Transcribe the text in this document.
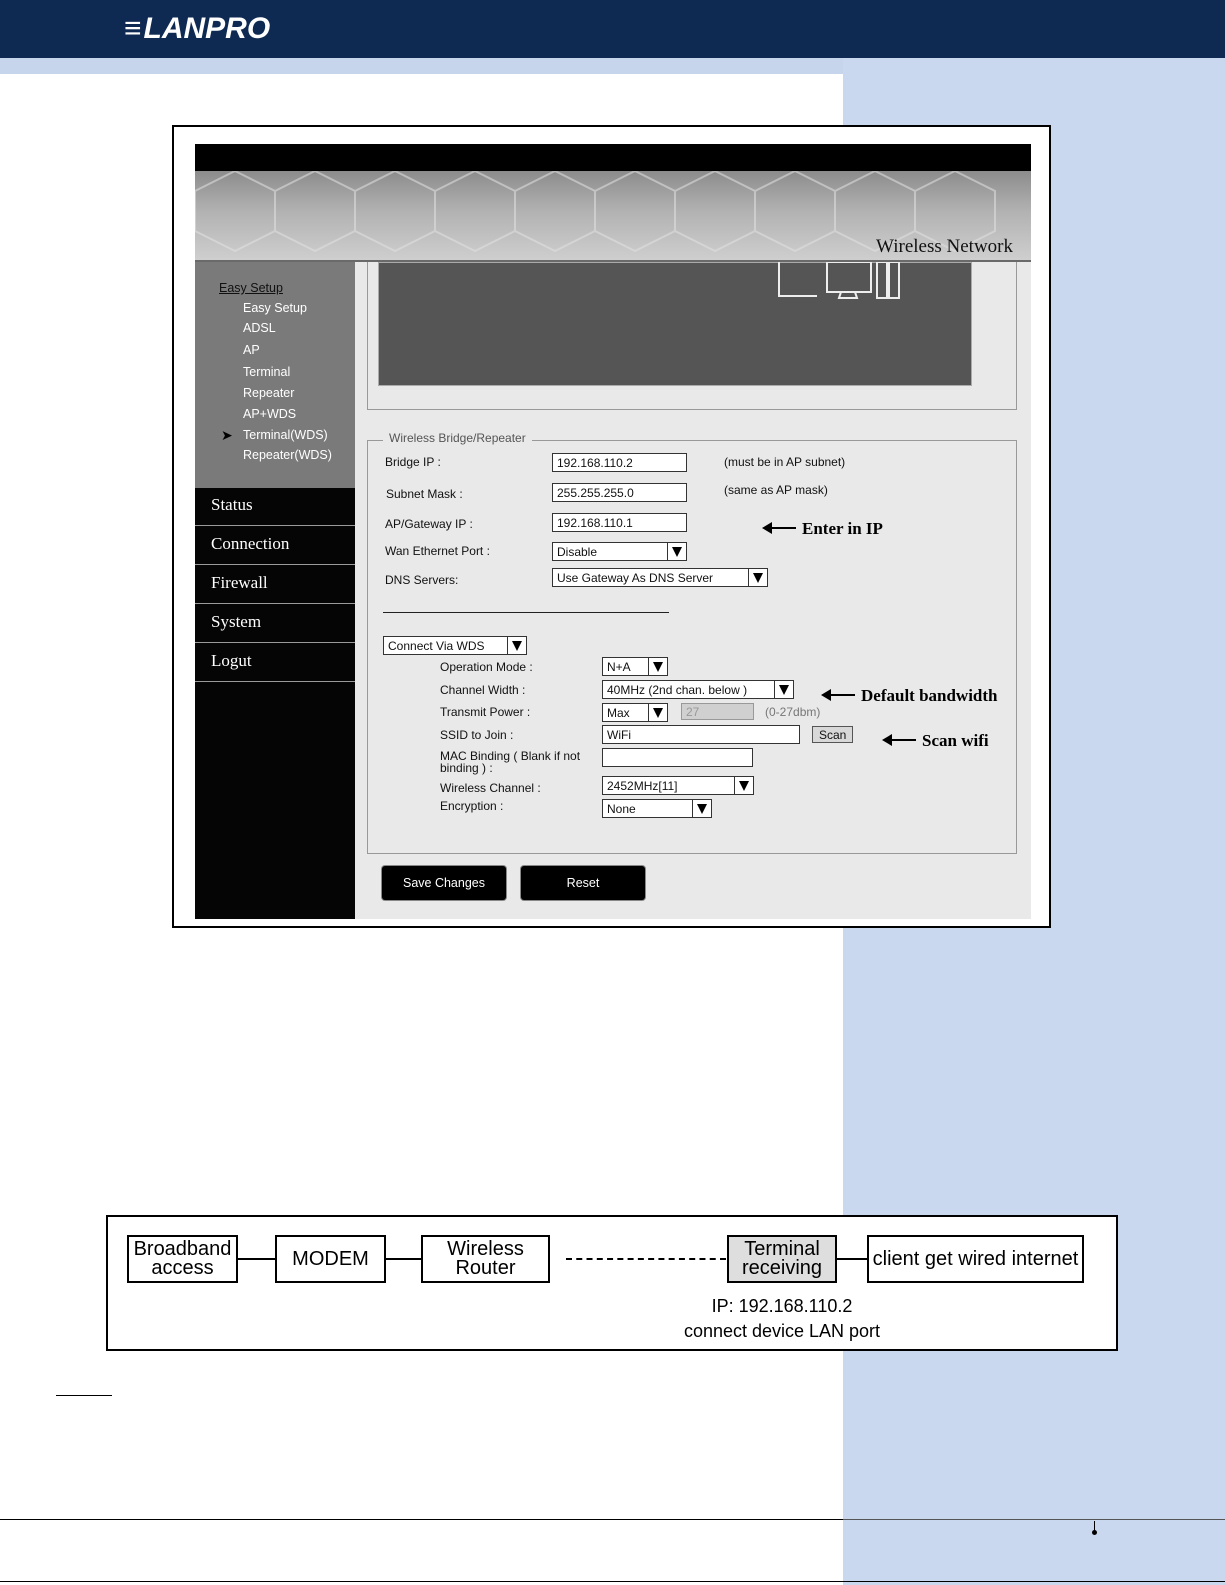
≡LANPRO
Wireless Network
Easy Setup
Easy Setup
ADSL
AP
Terminal
Repeater
AP+WDS
➤ Terminal(WDS)
Repeater(WDS)
Status
Connection
Firewall
System
Logut
Wireless Bridge/Repeater
Bridge IP :	192.168.110.2	(must be in AP subnet)
Subnet Mask :	255.255.255.0	(same as AP mask)
AP/Gateway IP :	192.168.110.1
Wan Ethernet Port :	Disable
DNS Servers:	Use Gateway As DNS Server
Connect Via WDS
Operation Mode :	N+A
Channel Width :	40MHz (2nd chan. below )
Transmit Power :	Max	27	(0-27dbm)
SSID to Join :	WiFi	Scan
MAC Binding ( Blank if not
binding ) :
Wireless Channel :	2452MHz[11]
Encryption :	None
Save Changes	Reset
Enter in IP
Default bandwidth
Scan wifi
Broadband
access	MODEM	Wireless
Router
Terminal
receiving	client get wired internet
IP: 192.168.110.2
connect device LAN port
